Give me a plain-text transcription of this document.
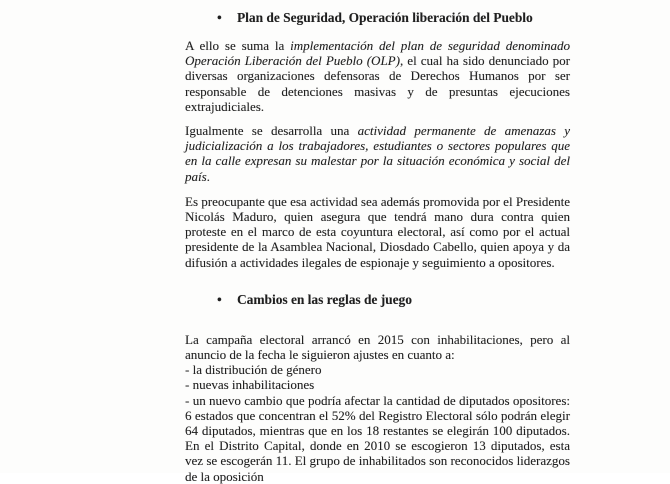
•	Plan de Seguridad, Operación liberación del Pueblo

A ello se suma la implementación del plan de seguridad denominado Operación Liberación del Pueblo (OLP), el cual ha sido denunciado por diversas organizaciones defensoras de Derechos Humanos por ser responsable de detenciones masivas y de presuntas ejecuciones extrajudiciales.

Igualmente se desarrolla una actividad permanente de amenazas y judicialización a los trabajadores, estudiantes o sectores populares que en la calle expresan su malestar por la situación económica y social del país.

Es preocupante que esa actividad sea además promovida por el Presidente Nicolás Maduro, quien asegura que tendrá mano dura contra quien proteste en el marco de esta coyuntura electoral, así como por el actual presidente de la Asamblea Nacional, Diosdado Cabello, quien apoya y da difusión a actividades ilegales de espionaje y seguimiento a opositores.

•	Cambios en las reglas de juego

La campaña electoral arrancó en 2015 con inhabilitaciones, pero al anuncio de la fecha le siguieron ajustes en cuanto a:

- la distribución de género

- nuevas inhabilitaciones

- un nuevo cambio que podría afectar la cantidad de diputados opositores: 6 estados que concentran el 52% del Registro Electoral sólo podrán elegir 64 diputados, mientras que en los 18 restantes se elegirán 100 diputados. En el Distrito Capital, donde en 2010 se escogieron 13 diputados, esta vez se escogerán 11. El grupo de inhabilitados son reconocidos liderazgos de la oposición
